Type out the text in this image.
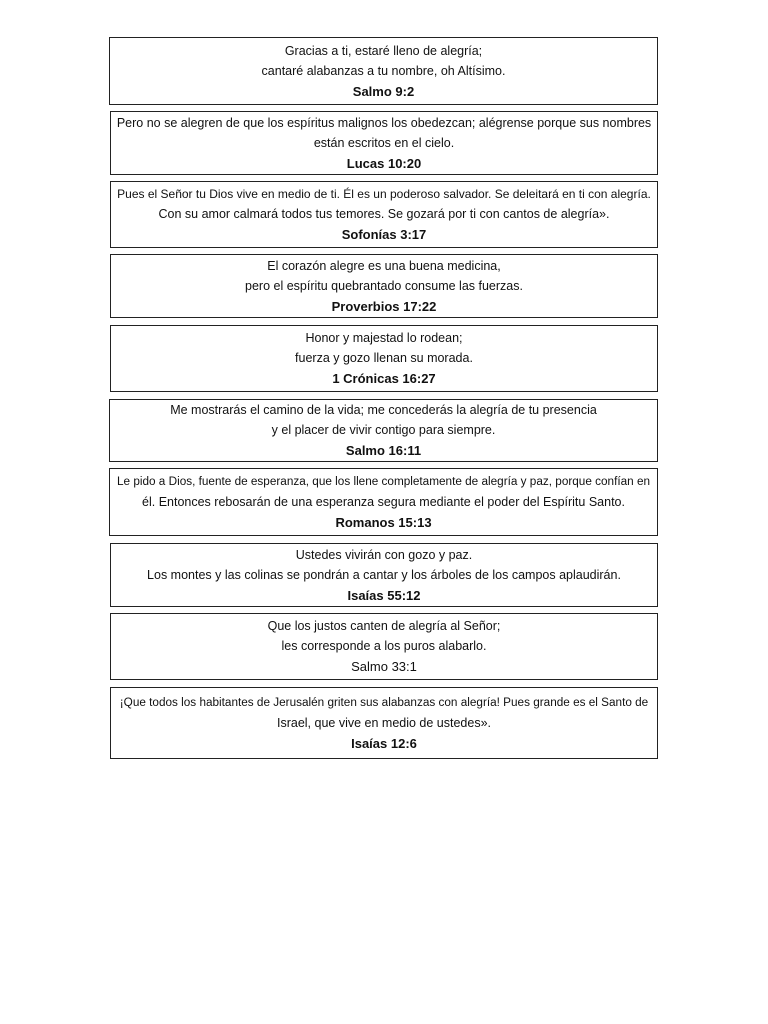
Gracias a ti, estaré lleno de alegría;
cantaré alabanzas a tu nombre, oh Altísimo.
Salmo 9:2
Pero no se alegren de que los espíritus malignos los obedezcan; alégrense porque sus nombres
están escritos en el cielo.
Lucas 10:20
Pues el Señor tu Dios vive en medio de ti. Él es un poderoso salvador. Se deleitará en ti con alegría.
Con su amor calmará todos tus temores. Se gozará por ti con cantos de alegría».
Sofonías 3:17
El corazón alegre es una buena medicina,
pero el espíritu quebrantado consume las fuerzas.
Proverbios 17:22
Honor y majestad lo rodean;
fuerza y gozo llenan su morada.
1 Crónicas 16:27
Me mostrarás el camino de la vida; me concederás la alegría de tu presencia
y el placer de vivir contigo para siempre.
Salmo 16:11
Le pido a Dios, fuente de esperanza, que los llene completamente de alegría y paz, porque confían en
él. Entonces rebosarán de una esperanza segura mediante el poder del Espíritu Santo.
Romanos 15:13
Ustedes vivirán con gozo y paz.
Los montes y las colinas se pondrán a cantar y los árboles de los campos aplaudirán.
Isaías 55:12
Que los justos canten de alegría al Señor;
les corresponde a los puros alabarlo.
Salmo 33:1
¡Que todos los habitantes de Jerusalén griten sus alabanzas con alegría! Pues grande es el Santo de
Israel, que vive en medio de ustedes».
Isaías 12:6
